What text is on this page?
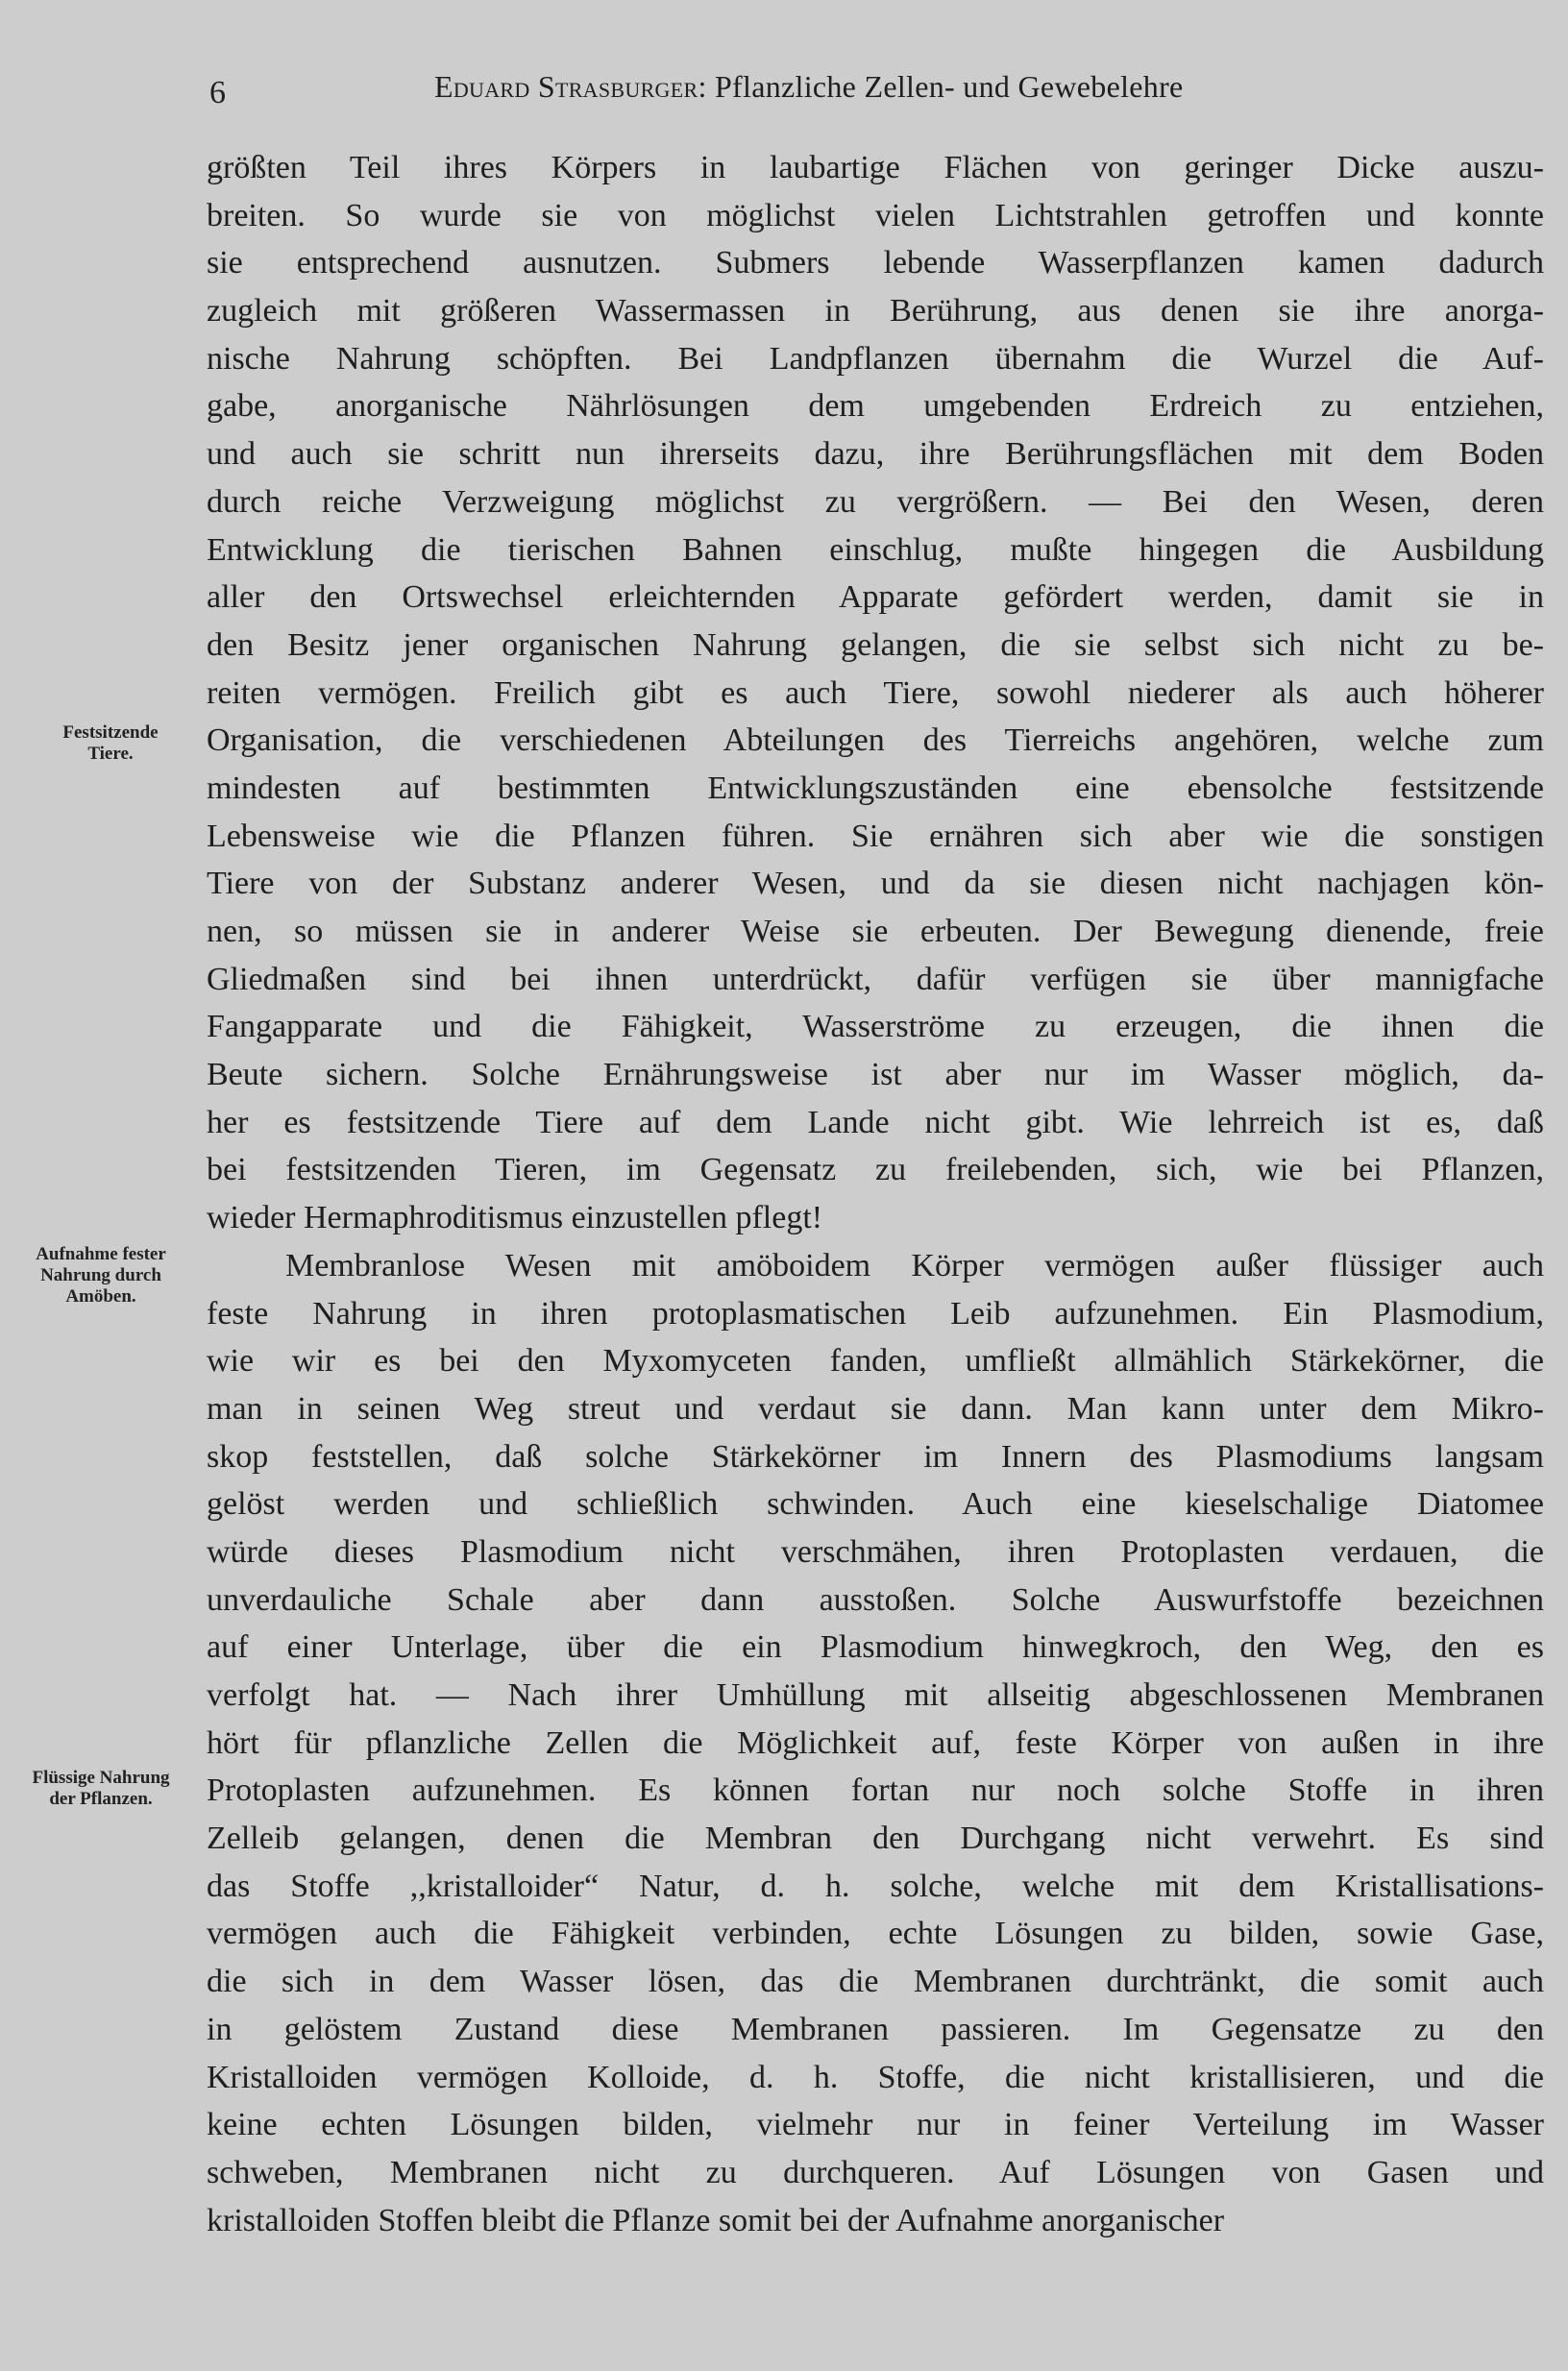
6	Eduard Strasburger: Pflanzliche Zellen- und Gewebelehre
Festsitzende
Tiere.
Aufnahme fester
Nahrung durch
Amöben.
Flüssige Nahrung
der Pflanzen.
größten Teil ihres Körpers in laubartige Flächen von geringer Dicke auszu-
breiten. So wurde sie von möglichst vielen Lichtstrahlen getroffen und konnte
sie entsprechend ausnutzen. Submers lebende Wasserpflanzen kamen dadurch
zugleich mit größeren Wassermassen in Berührung, aus denen sie ihre anorga-
nische Nahrung schöpften. Bei Landpflanzen übernahm die Wurzel die Auf-
gabe, anorganische Nährlösungen dem umgebenden Erdreich zu entziehen,
und auch sie schritt nun ihrerseits dazu, ihre Berührungsflächen mit dem Boden
durch reiche Verzweigung möglichst zu vergrößern. — Bei den Wesen, deren
Entwicklung die tierischen Bahnen einschlug, mußte hingegen die Ausbildung
aller den Ortswechsel erleichternden Apparate gefördert werden, damit sie in
den Besitz jener organischen Nahrung gelangen, die sie selbst sich nicht zu be-
reiten vermögen. Freilich gibt es auch Tiere, sowohl niederer als auch höherer
Organisation, die verschiedenen Abteilungen des Tierreichs angehören, welche zum
mindesten auf bestimmten Entwicklungszuständen eine ebensolche festsitzende
Lebensweise wie die Pflanzen führen. Sie ernähren sich aber wie die sonstigen
Tiere von der Substanz anderer Wesen, und da sie diesen nicht nachjagen kön-
nen, so müssen sie in anderer Weise sie erbeuten. Der Bewegung dienende, freie
Gliedmaßen sind bei ihnen unterdrückt, dafür verfügen sie über mannigfache
Fangapparate und die Fähigkeit, Wasserströme zu erzeugen, die ihnen die
Beute sichern. Solche Ernährungsweise ist aber nur im Wasser möglich, da-
her es festsitzende Tiere auf dem Lande nicht gibt. Wie lehrreich ist es, daß
bei festsitzenden Tieren, im Gegensatz zu freilebenden, sich, wie bei Pflanzen,
wieder Hermaphroditismus einzustellen pflegt!
Membranlose Wesen mit amöboidem Körper vermögen außer flüssiger auch
feste Nahrung in ihren protoplasmatischen Leib aufzunehmen. Ein Plasmodium,
wie wir es bei den Myxomyceten fanden, umfließt allmählich Stärkekörner, die
man in seinen Weg streut und verdaut sie dann. Man kann unter dem Mikro-
skop feststellen, daß solche Stärkekörner im Innern des Plasmodiums langsam
gelöst werden und schließlich schwinden. Auch eine kieselschalige Diatomee
würde dieses Plasmodium nicht verschmähen, ihren Protoplasten verdauen, die
unverdauliche Schale aber dann ausstoßen. Solche Auswurfstoffe bezeichnen
auf einer Unterlage, über die ein Plasmodium hinwegkroch, den Weg, den es
verfolgt hat. — Nach ihrer Umhüllung mit allseitig abgeschlossenen Membranen
hört für pflanzliche Zellen die Möglichkeit auf, feste Körper von außen in ihre
Protoplasten aufzunehmen. Es können fortan nur noch solche Stoffe in ihren
Zelleib gelangen, denen die Membran den Durchgang nicht verwehrt. Es sind
das Stoffe ,,kristalloider“ Natur, d. h. solche, welche mit dem Kristallisations-
vermögen auch die Fähigkeit verbinden, echte Lösungen zu bilden, sowie Gase,
die sich in dem Wasser lösen, das die Membranen durchtränkt, die somit auch
in gelöstem Zustand diese Membranen passieren. Im Gegensatze zu den
Kristalloiden vermögen Kolloide, d. h. Stoffe, die nicht kristallisieren, und die
keine echten Lösungen bilden, vielmehr nur in feiner Verteilung im Wasser
schweben, Membranen nicht zu durchqueren. Auf Lösungen von Gasen und
kristalloiden Stoffen bleibt die Pflanze somit bei der Aufnahme anorganischer
